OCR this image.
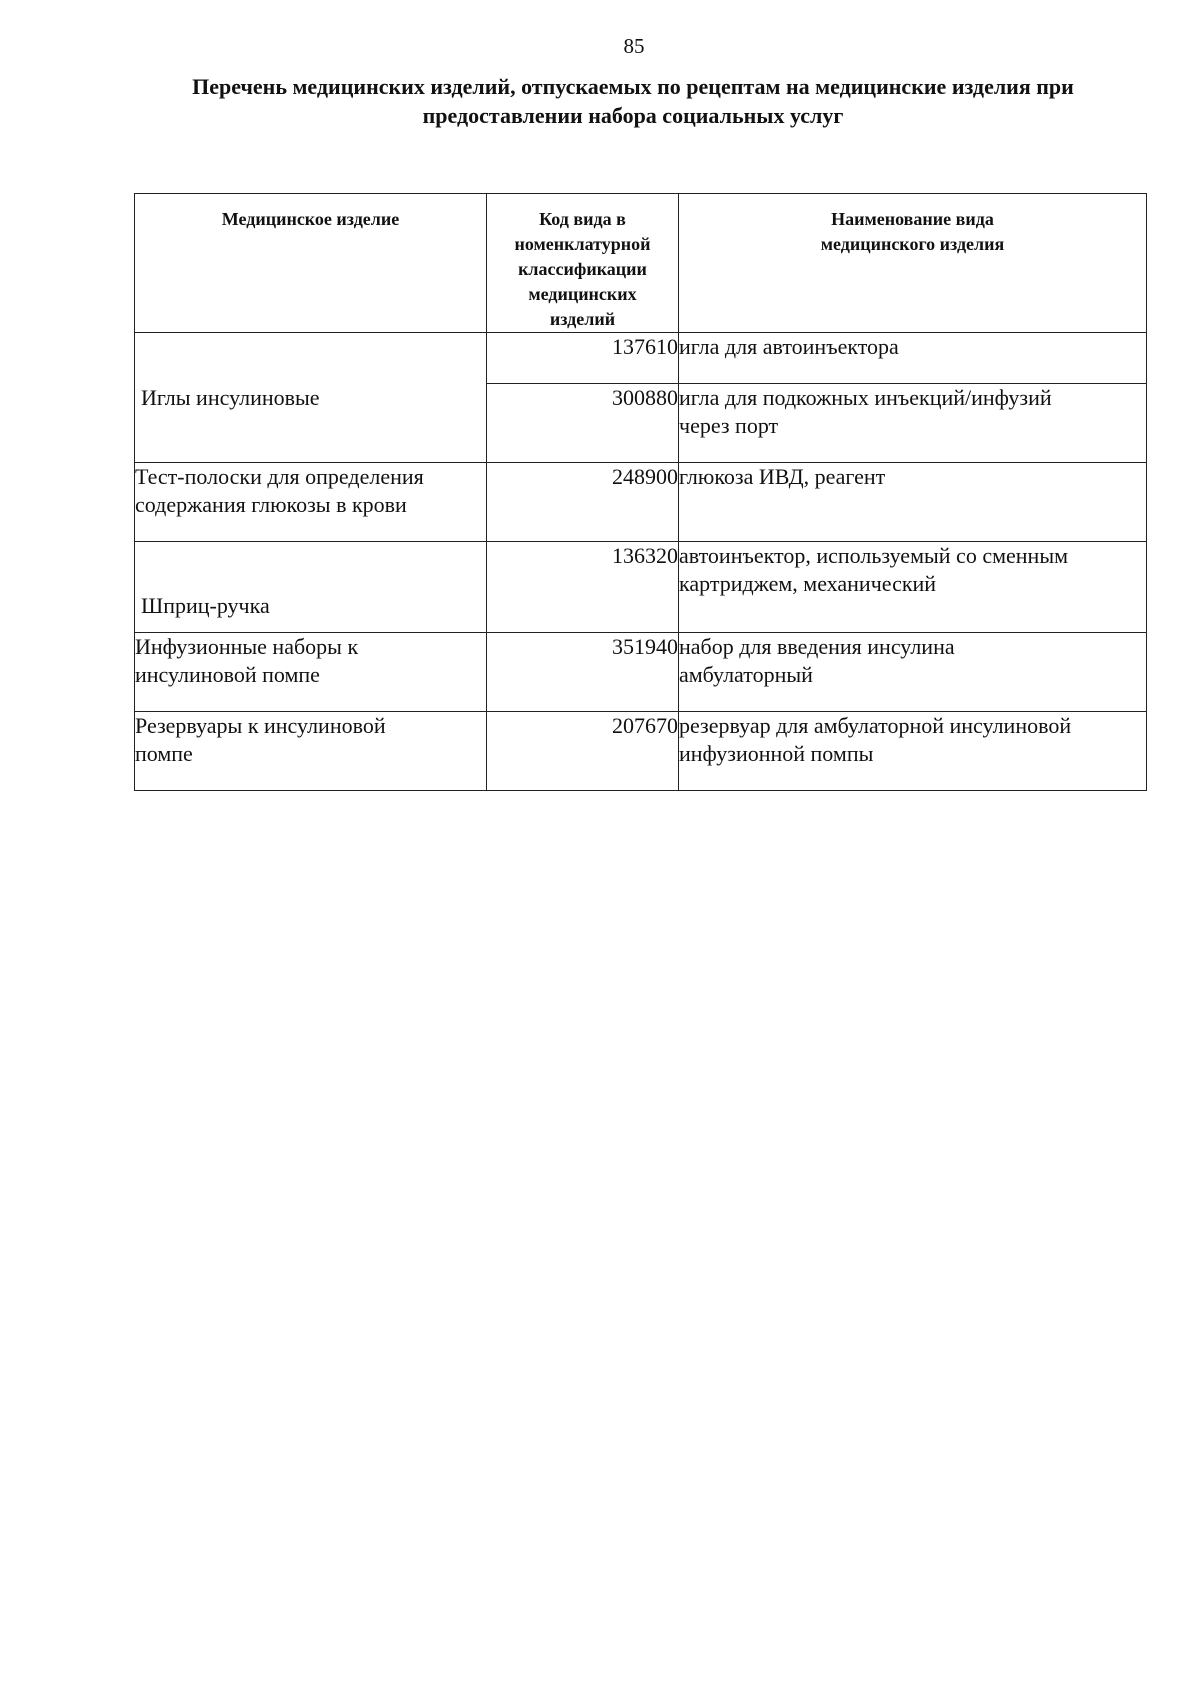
85
Перечень медицинских изделий, отпускаемых по рецептам на медицинские изделия при
предоставлении набора социальных услуг
Медицинское изделие	Код вида в
номенклатурной
классификации
медицинских
изделий	Наименование вида
медицинского изделия

Иглы инсулиновые	137610	игла для автоинъектора

	300880	игла для подкожных инъекций/инфузий
через порт

Тест-полоски для определения
содержания глюкозы в крови	248900	глюкоза ИВД, реагент

Шприц-ручка	136320	автоинъектор, используемый со сменным
картриджем, механический

Инфузионные наборы к
инсулиновой помпе	351940	набор для введения инсулина
амбулаторный

Резервуары к инсулиновой
помпе	207670	резервуар для амбулаторной инсулиновой
инфузионной помпы
